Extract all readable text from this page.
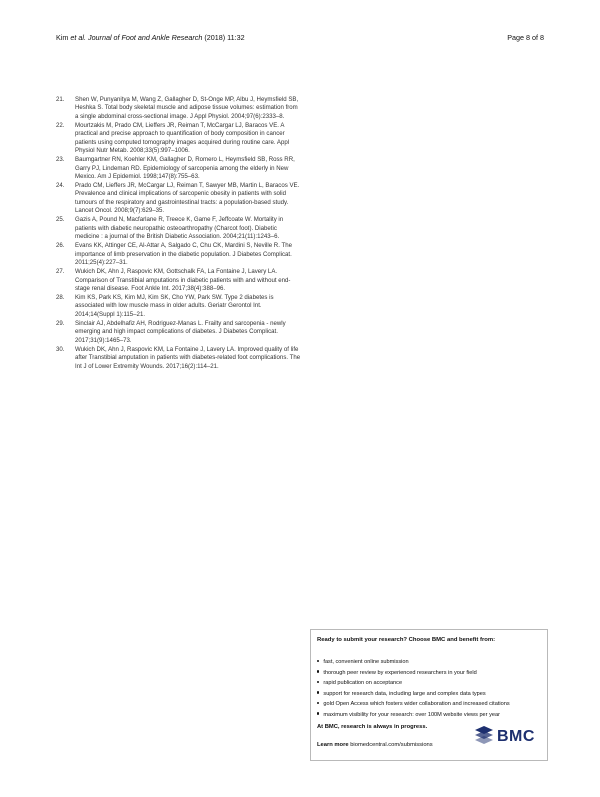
Kim et al. Journal of Foot and Ankle Research (2018) 11:32	Page 8 of 8
21. Shen W, Punyanitya M, Wang Z, Gallagher D, St-Onge MP, Albu J, Heymsfield SB, Heshka S. Total body skeletal muscle and adipose tissue volumes: estimation from a single abdominal cross-sectional image. J Appl Physiol. 2004;97(6):2333–8.
22. Mourtzakis M, Prado CM, Lieffers JR, Reiman T, McCargar LJ, Baracos VE. A practical and precise approach to quantification of body composition in cancer patients using computed tomography images acquired during routine care. Appl Physiol Nutr Metab. 2008;33(5):997–1006.
23. Baumgartner RN, Koehler KM, Gallagher D, Romero L, Heymsfield SB, Ross RR, Garry PJ, Lindeman RD. Epidemiology of sarcopenia among the elderly in New Mexico. Am J Epidemiol. 1998;147(8):755–63.
24. Prado CM, Lieffers JR, McCargar LJ, Reiman T, Sawyer MB, Martin L, Baracos VE. Prevalence and clinical implications of sarcopenic obesity in patients with solid tumours of the respiratory and gastrointestinal tracts: a population-based study. Lancet Oncol. 2008;9(7):629–35.
25. Gazis A, Pound N, Macfarlane R, Treece K, Game F, Jeffcoate W. Mortality in patients with diabetic neuropathic osteoarthropathy (Charcot foot). Diabetic medicine : a journal of the British Diabetic Association. 2004;21(11):1243–6.
26. Evans KK, Attinger CE, Al-Attar A, Salgado C, Chu CK, Mardini S, Neville R. The importance of limb preservation in the diabetic population. J Diabetes Complicat. 2011;25(4):227–31.
27. Wukich DK, Ahn J, Raspovic KM, Gottschalk FA, La Fontaine J, Lavery LA. Comparison of Transtibial amputations in diabetic patients with and without end-stage renal disease. Foot Ankle Int. 2017;38(4):388–96.
28. Kim KS, Park KS, Kim MJ, Kim SK, Cho YW, Park SW. Type 2 diabetes is associated with low muscle mass in older adults. Geriatr Gerontol Int. 2014;14(Suppl 1):115–21.
29. Sinclair AJ, Abdelhafiz AH, Rodriguez-Manas L. Frailty and sarcopenia - newly emerging and high impact complications of diabetes. J Diabetes Complicat. 2017;31(9):1465–73.
30. Wukich DK, Ahn J, Raspovic KM, La Fontaine J, Lavery LA. Improved quality of life after Transtibial amputation in patients with diabetes-related foot complications. The Int J of Lower Extremity Wounds. 2017;16(2):114–21.
Ready to submit your research? Choose BMC and benefit from:
fast, convenient online submission
thorough peer review by experienced researchers in your field
rapid publication on acceptance
support for research data, including large and complex data types
gold Open Access which fosters wider collaboration and increased citations
maximum visibility for your research: over 100M website views per year
At BMC, research is always in progress.
Learn more biomedcentral.com/submissions	BMC
